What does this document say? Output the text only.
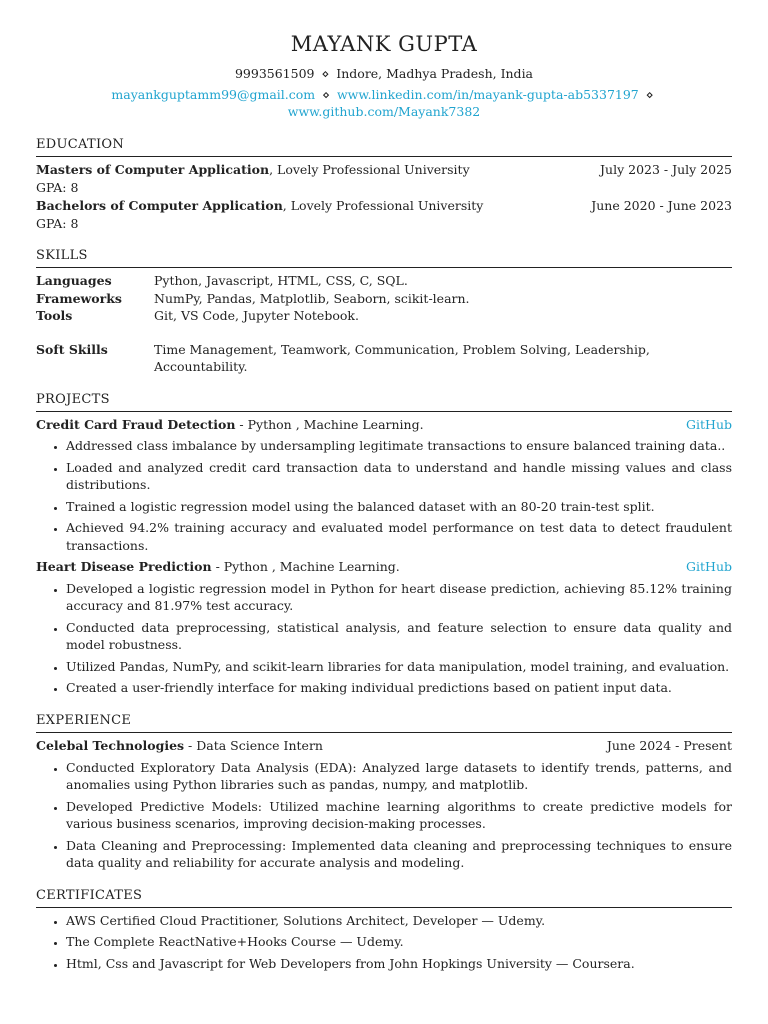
MAYANK GUPTA
9993561509 ⋄ Indore, Madhya Pradesh, India
mayankguptamm99@gmail.com ⋄ www.linkedin.com/in/mayank-gupta-ab5337197 ⋄ www.github.com/Mayank7382
EDUCATION
Masters of Computer Application, Lovely Professional University	July 2023 - July 2025
GPA: 8
Bachelors of Computer Application, Lovely Professional University	June 2020 - June 2023
GPA: 8
SKILLS
Languages	Python, Javascript, HTML, CSS, C, SQL.
Frameworks	NumPy, Pandas, Matplotlib, Seaborn, scikit-learn.
Tools	Git, VS Code, Jupyter Notebook.
Soft Skills	Time Management, Teamwork, Communication, Problem Solving, Leadership, Accountability.
PROJECTS
Credit Card Fraud Detection - Python , Machine Learning.	GitHub
• Addressed class imbalance by undersampling legitimate transactions to ensure balanced training data..
• Loaded and analyzed credit card transaction data to understand and handle missing values and class distributions.
• Trained a logistic regression model using the balanced dataset with an 80-20 train-test split.
• Achieved 94.2% training accuracy and evaluated model performance on test data to detect fraudulent transactions.
Heart Disease Prediction - Python , Machine Learning.	GitHub
• Developed a logistic regression model in Python for heart disease prediction, achieving 85.12% training accuracy and 81.97% test accuracy.
• Conducted data preprocessing, statistical analysis, and feature selection to ensure data quality and model robustness.
• Utilized Pandas, NumPy, and scikit-learn libraries for data manipulation, model training, and evaluation.
• Created a user-friendly interface for making individual predictions based on patient input data.
EXPERIENCE
Celebal Technologies - Data Science Intern	June 2024 - Present
• Conducted Exploratory Data Analysis (EDA): Analyzed large datasets to identify trends, patterns, and anomalies using Python libraries such as pandas, numpy, and matplotlib.
• Developed Predictive Models: Utilized machine learning algorithms to create predictive models for various business scenarios, improving decision-making processes.
• Data Cleaning and Preprocessing: Implemented data cleaning and preprocessing techniques to ensure data quality and reliability for accurate analysis and modeling.
CERTIFICATES
• AWS Certified Cloud Practitioner, Solutions Architect, Developer — Udemy.
• The Complete ReactNative+Hooks Course — Udemy.
• Html, Css and Javascript for Web Developers from John Hopkings University — Coursera.
